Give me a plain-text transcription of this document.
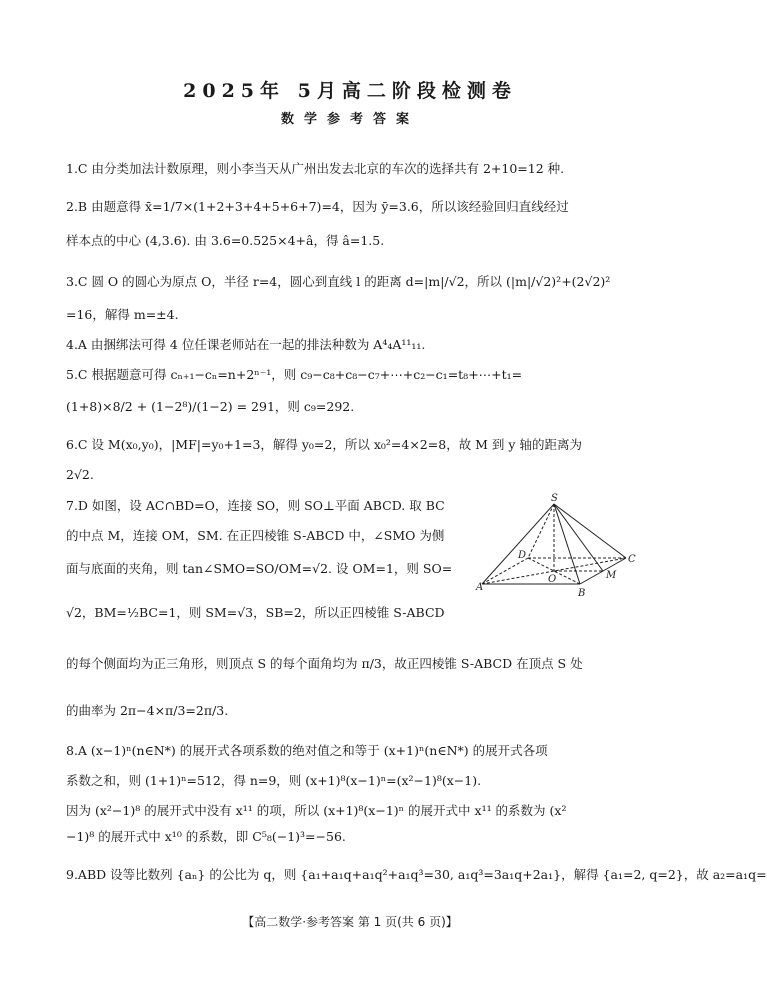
2025年 5月高二阶段检测卷
数学参考答案
1.C 由分类加法计数原理，则小李当天从广州出发去北京的车次的选择共有 2+10=12 种.
2.B 由题意得 x̄=1/7×(1+2+3+4+5+6+7)=4，因为 ȳ=3.6，所以该经验回归直线经过
样本点的中心 (4,3.6). 由 3.6=0.525×4+â，得 â=1.5.
3.C 圆 O 的圆心为原点 O，半径 r=4，圆心到直线 l 的距离 d=|m|/√2，所以 (|m|/√2)²+(2√2)²
=16，解得 m=±4.
4.A 由捆绑法可得 4 位任课老师站在一起的排法种数为 A⁴₄A¹¹₁₁.
5.C 根据题意可得 cₙ₊₁−cₙ=n+2ⁿ⁻¹，则 c₉−c₈+c₈−c₇+⋯+c₂−c₁=t₈+⋯+t₁=
(1+8)×8/2 + (1−2⁸)/(1−2) = 291，则 c₉=292.
6.C 设 M(x₀,y₀)，|MF|=y₀+1=3，解得 y₀=2，所以 x₀²=4×2=8，故 M 到 y 轴的距离为
2√2.
7.D 如图，设 AC∩BD=O，连接 SO，则 SO⊥平面 ABCD. 取 BC
的中点 M，连接 OM，SM. 在正四棱锥 S-ABCD 中，∠SMO 为侧
面与底面的夹角，则 tan∠SMO=SO/OM=√2. 设 OM=1，则 SO=
√2，BM=½BC=1，则 SM=√3，SB=2，所以正四棱锥 S-ABCD
的每个侧面均为正三角形，则顶点 S 的每个面角均为 π/3，故正四棱锥 S-ABCD 在顶点 S 处
的曲率为 2π−4×π/3=2π/3.
8.A (x−1)ⁿ(n∈N*) 的展开式各项系数的绝对值之和等于 (x+1)ⁿ(n∈N*) 的展开式各项
系数之和，则 (1+1)ⁿ=512，得 n=9，则 (x+1)⁸(x−1)ⁿ=(x²−1)⁸(x−1).
因为 (x²−1)⁸ 的展开式中没有 x¹¹ 的项，所以 (x+1)⁸(x−1)ⁿ 的展开式中 x¹¹ 的系数为 (x²
−1)⁸ 的展开式中 x¹⁰ 的系数，即 C⁵₈(−1)³=−56.
9.ABD 设等比数列 {aₙ} 的公比为 q，则 {a₁+a₁q+a₁q²+a₁q³=30, a₁q³=3a₁q+2a₁}，解得 {a₁=2, q=2}，故 a₂=a₁q=
S
D	C
O	M
A
B
【高二数学·参考答案 第 1 页(共 6 页)】
